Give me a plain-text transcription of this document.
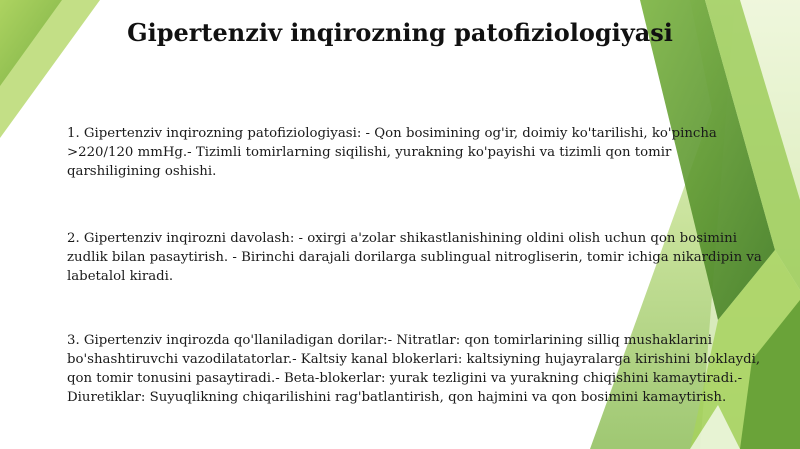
Gipertenziv inqirozning patofiziologiyasi
1. Gipertenziv inqirozning patofiziologiyasi: - Qon bosimining og'ir, doimiy ko'tarilishi, ko'pincha >220/120 mmHg.- Tizimli tomirlarning siqilishi, yurakning ko'payishi va tizimli qon tomir qarshiligining oshishi.
2. Gipertenziv inqirozni davolash: - oxirgi a'zolar shikastlanishining oldini olish uchun qon bosimini zudlik bilan pasaytirish. - Birinchi darajali dorilarga sublingual nitrogliserin, tomir ichiga nikardipin va labetalol kiradi.
3. Gipertenziv inqirozda qo'llaniladigan dorilar:- Nitratlar: qon tomirlarining silliq mushaklarini bo'shashtiruvchi vazodilatatorlar.- Kaltsiy kanal blokerlari: kaltsiyning hujayralarga kirishini bloklaydi, qon tomir tonusini pasaytiradi.- Beta-blokerlar: yurak tezligini va yurakning chiqishini kamaytiradi.- Diuretiklar: Suyuqlikning chiqarilishini rag'batlantirish, qon hajmini va qon bosimini kamaytirish.
